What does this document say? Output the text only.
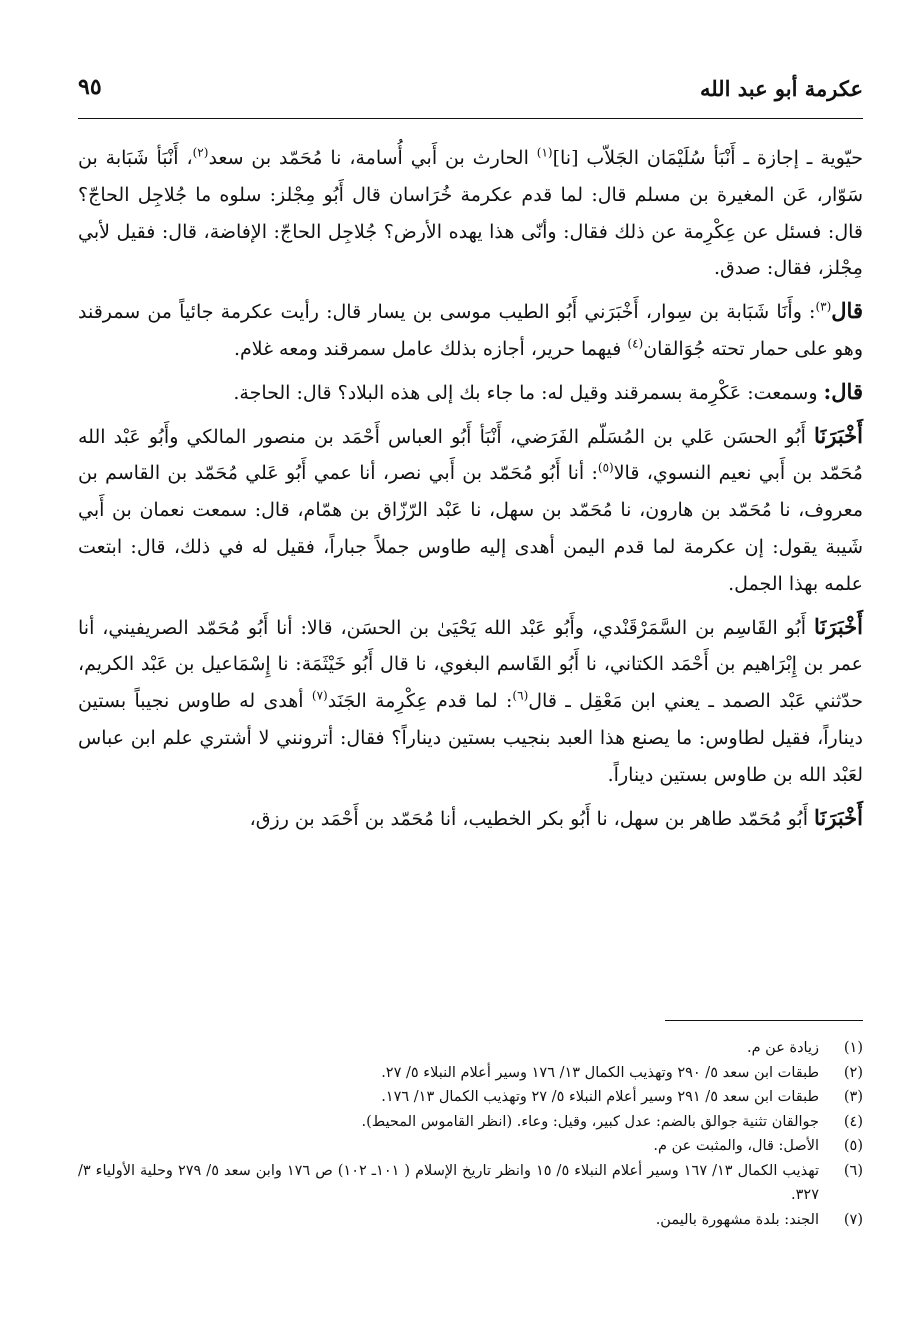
عكرمة أبو عبد الله
٩٥

حيّوية ـ إجازة ـ أَنْبَأ سُلَيْمَان الجَلاّب [نا]$^{(١)}$ الحارث بن أَبي أُسامة، نا مُحَمّد بن سعد$^{(٢)}$، أَنْبَأ شَبَابة بن سَوّار، عَن المغيرة بن مسلم قال: لما قدم عكرمة خُرَاسان قال أَبُو مِجْلز: سلوه ما جُلاجِل الحاجّ؟ قال: فسئل عن عِكْرِمة عن ذلك فقال: وأنّى هذا يهده الأرض؟ جُلاجِل الحاجّ: الإفاضة، قال: فقيل لأبي مِجْلز، فقال: صدق.

قال$^{(٣)}$: وأَنَا شَبَابة بن سِوار، أَخْبَرَني أَبُو الطيب موسى بن يسار قال: رأيت عكرمة جائياً من سمرقند وهو على حمار تحته جُوَالقان$^{(٤)}$ فيهما حرير، أجازه بذلك عامل سمرقند ومعه غلام.

قال: وسمعت: عَكْرِمة بسمرقند وقيل له: ما جاء بك إلى هذه البلاد؟ قال: الحاجة.

أَخْبَرَنَا أَبُو الحسَن عَلي بن المُسَلّم الفَرَضي، أَنْبَأ أَبُو العباس أَحْمَد بن منصور المالكي وأَبُو عَبْد الله مُحَمّد بن أَبي نعيم النسوي، قالا$^{(٥)}$: أنا أَبُو مُحَمّد بن أَبي نصر، أنا عمي أَبُو عَلي مُحَمّد بن القاسم بن معروف، نا مُحَمّد بن هارون، نا مُحَمّد بن سهل، نا عَبْد الرّزّاق بن همّام، قال: سمعت نعمان بن أَبي شَيبة يقول: إن عكرمة لما قدم اليمن أهدى إليه طاوس جملاً جباراً، فقيل له في ذلك، قال: ابتعت علمه بهذا الجمل.

أَخْبَرَنَا أَبُو القَاسِم بن السَّمَرْقَنْدي، وأَبُو عَبْد الله يَحْيَىٰ بن الحسَن، قالا: أنا أَبُو مُحَمّد الصريفيني، أنا عمر بن إِبْرَاهيم بن أَحْمَد الكتاني، نا أَبُو القَاسم البغوي، نا قال أَبُو خَيْثَمَة: نا إِسْمَاعيل بن عَبْد الكريم، حدّثني عَبْد الصمد ـ يعني ابن مَعْقِل ـ قال$^{(٦)}$: لما قدم عِكْرِمة الجَنَد$^{(٧)}$ أهدى له طاوس نجيباً بستين ديناراً، فقيل لطاوس: ما يصنع هذا العبد بنجيب بستين ديناراً؟ فقال: أترونني لا أشتري علم ابن عباس لعَبْد الله بن طاوس بستين ديناراً.

أَخْبَرَنَا أَبُو مُحَمّد طاهر بن سهل، نا أَبُو بكر الخطيب، أنا مُحَمّد بن أَحْمَد بن رزق،

(١)
زيادة عن م.
(٢)
طبقات ابن سعد ٥/ ٢٩٠ وتهذيب الكمال ١٣/ ١٧٦ وسير أعلام النبلاء ٥/ ٢٧.
(٣)
طبقات ابن سعد ٥/ ٢٩١ وسير أعلام النبلاء ٥/ ٢٧ وتهذيب الكمال ١٣/ ١٧٦.
(٤)
جوالقان تثنية جوالق بالضم: عدل كبير، وقيل: وعاء. (انظر القاموس المحيط).
(٥)
الأصل: قال، والمثبت عن م.
(٦)
تهذيب الكمال ١٣/ ١٦٧ وسير أعلام النبلاء ٥/ ١٥ وانظر تاريخ الإسلام ( ١٠١ـ ١٠٢) ص ١٧٦ وابن سعد ٥/ ٢٧٩ وحلية الأولياء ٣/ ٣٢٧.
(٧)
الجند: بلدة مشهورة باليمن.
